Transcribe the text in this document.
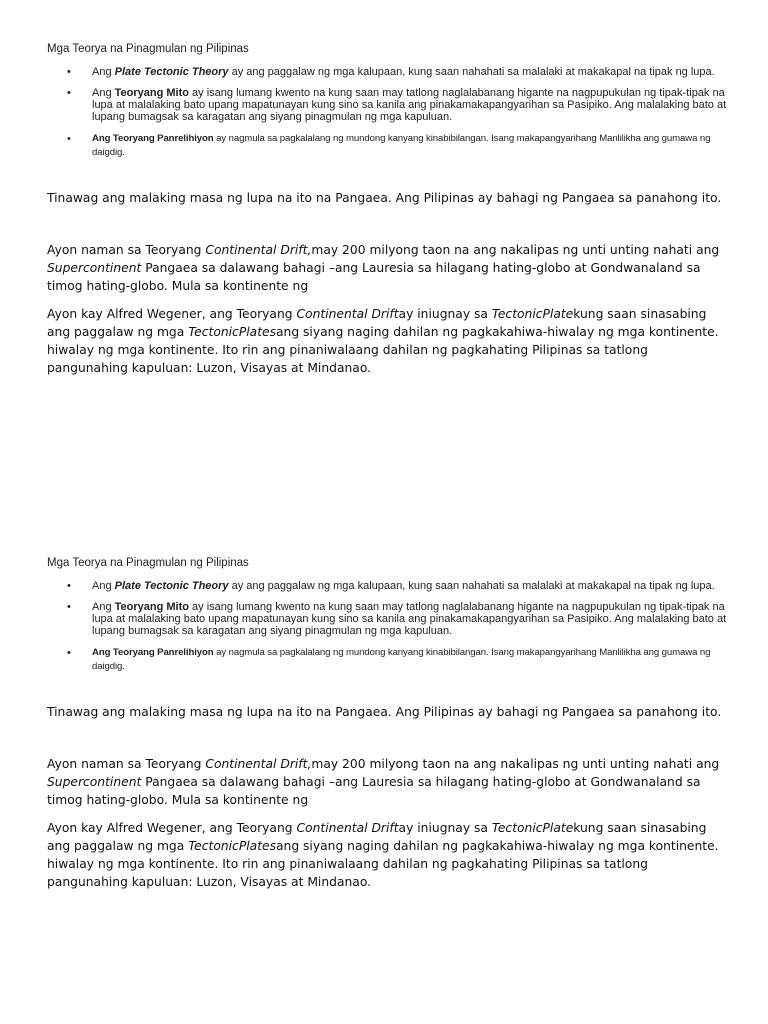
Mga Teorya na Pinagmulan ng Pilipinas

• Ang Plate Tectonic Theory ay ang paggalaw ng mga kalupaan, kung saan nahahati sa malalaki at makakapal na tipak ng lupa.
• Ang Teoryang Mito ay isang lumang kwento na kung saan may tatlong naglalabanang higante na nagpupukulan ng tipak-tipak na lupa at malalaking bato upang mapatunayan kung sino sa kanila ang pinakamakapangyarihan sa Pasipiko. Ang malalaking bato at lupang bumagsak sa karagatan ang siyang pinagmulan ng mga kapuluan.
• Ang Teoryang Panrelihiyon ay nagmula sa pagkalalang ng mundong kanyang kinabibilangan. Isang makapangyarihang Manlilikha ang gumawa ng daigdig.

Tinawag ang malaking masa ng lupa na ito na Pangaea. Ang Pilipinas ay bahagi ng Pangaea sa panahong ito.

Ayon naman sa Teoryang Continental Drift,may 200 milyong taon na ang nakalipas ng unti unting nahati ang Supercontinent Pangaea sa dalawang bahagi –ang Lauresia sa hilagang hating-globo at Gondwanaland sa timog hating-globo. Mula sa kontinente ng

Ayon kay Alfred Wegener, ang Teoryang Continental Driftay iniugnay sa TectonicPlatekung saan sinasabing ang paggalaw ng mga TectonicPlatesang siyang naging dahilan ng pagkakahiwa-hiwalay ng mga kontinente. hiwalay ng mga kontinente. Ito rin ang pinaniwalaang dahilan ng pagkahating Pilipinas sa tatlong pangunahing kapuluan: Luzon, Visayas at Mindanao.

Mga Teorya na Pinagmulan ng Pilipinas

• Ang Plate Tectonic Theory ay ang paggalaw ng mga kalupaan, kung saan nahahati sa malalaki at makakapal na tipak ng lupa.
• Ang Teoryang Mito ay isang lumang kwento na kung saan may tatlong naglalabanang higante na nagpupukulan ng tipak-tipak na lupa at malalaking bato upang mapatunayan kung sino sa kanila ang pinakamakapangyarihan sa Pasipiko. Ang malalaking bato at lupang bumagsak sa karagatan ang siyang pinagmulan ng mga kapuluan.
• Ang Teoryang Panrelihiyon ay nagmula sa pagkalalang ng mundong kanyang kinabibilangan. Isang makapangyarihang Manlilikha ang gumawa ng daigdig.

Tinawag ang malaking masa ng lupa na ito na Pangaea. Ang Pilipinas ay bahagi ng Pangaea sa panahong ito.

Ayon naman sa Teoryang Continental Drift,may 200 milyong taon na ang nakalipas ng unti unting nahati ang Supercontinent Pangaea sa dalawang bahagi –ang Lauresia sa hilagang hating-globo at Gondwanaland sa timog hating-globo. Mula sa kontinente ng

Ayon kay Alfred Wegener, ang Teoryang Continental Driftay iniugnay sa TectonicPlatekung saan sinasabing ang paggalaw ng mga TectonicPlatesang siyang naging dahilan ng pagkakahiwa-hiwalay ng mga kontinente. hiwalay ng mga kontinente. Ito rin ang pinaniwalaang dahilan ng pagkahating Pilipinas sa tatlong pangunahing kapuluan: Luzon, Visayas at Mindanao.
